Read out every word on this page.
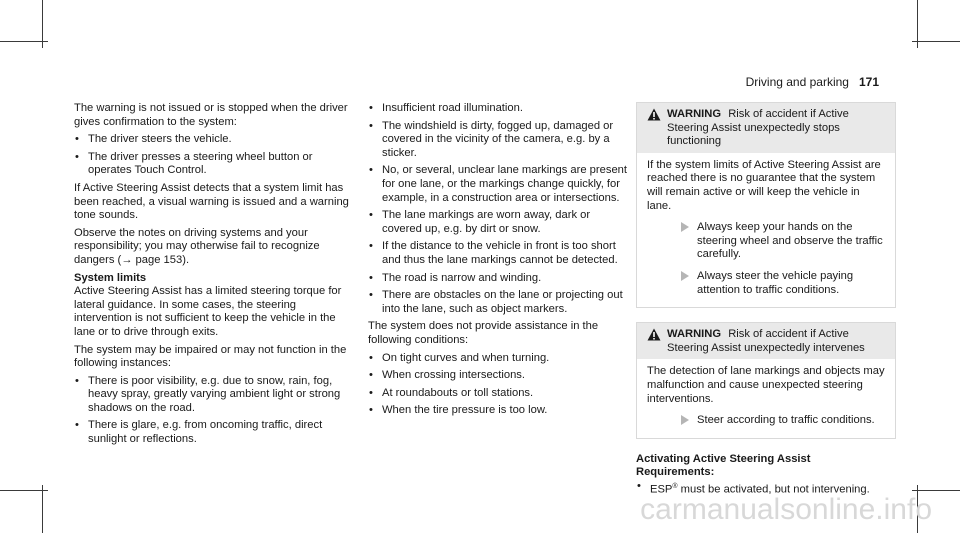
Driving and parking 171

The warning is not issued or is stopped when the driver gives confirmation to the system:

• The driver steers the vehicle.
• The driver presses a steering wheel button or operates Touch Control.

If Active Steering Assist detects that a system limit has been reached, a visual warning is issued and a warning tone sounds.

Observe the notes on driving systems and your responsibility; you may otherwise fail to recognize dangers (→ page 153).

System limits

Active Steering Assist has a limited steering torque for lateral guidance. In some cases, the steering intervention is not sufficient to keep the vehicle in the lane or to drive through exits.

The system may be impaired or may not function in the following instances:

• There is poor visibility, e.g. due to snow, rain, fog, heavy spray, greatly varying ambient light or strong shadows on the road.
• There is glare, e.g. from oncoming traffic, direct sunlight or reflections.
• Insufficient road illumination.
• The windshield is dirty, fogged up, damaged or covered in the vicinity of the camera, e.g. by a sticker.
• No, or several, unclear lane markings are present for one lane, or the markings change quickly, for example, in a construction area or intersections.
• The lane markings are worn away, dark or covered up, e.g. by dirt or snow.
• If the distance to the vehicle in front is too short and thus the lane markings cannot be detected.
• The road is narrow and winding.
• There are obstacles on the lane or projecting out into the lane, such as object markers.

The system does not provide assistance in the following conditions:

• On tight curves and when turning.
• When crossing intersections.
• At roundabouts or toll stations.
• When the tire pressure is too low.
WARNING Risk of accident if Active Steering Assist unexpectedly stops functioning

If the system limits of Active Steering Assist are reached there is no guarantee that the system will remain active or will keep the vehicle in lane.

Always keep your hands on the steering wheel and observe the traffic carefully.
Always steer the vehicle paying attention to traffic conditions.
WARNING Risk of accident if Active Steering Assist unexpectedly intervenes

The detection of lane markings and objects may malfunction and cause unexpected steering interventions.

Steer according to traffic conditions.

Activating Active Steering Assist

Requirements:

• ESP® must be activated, but not intervening.
carmanualsonline.info
